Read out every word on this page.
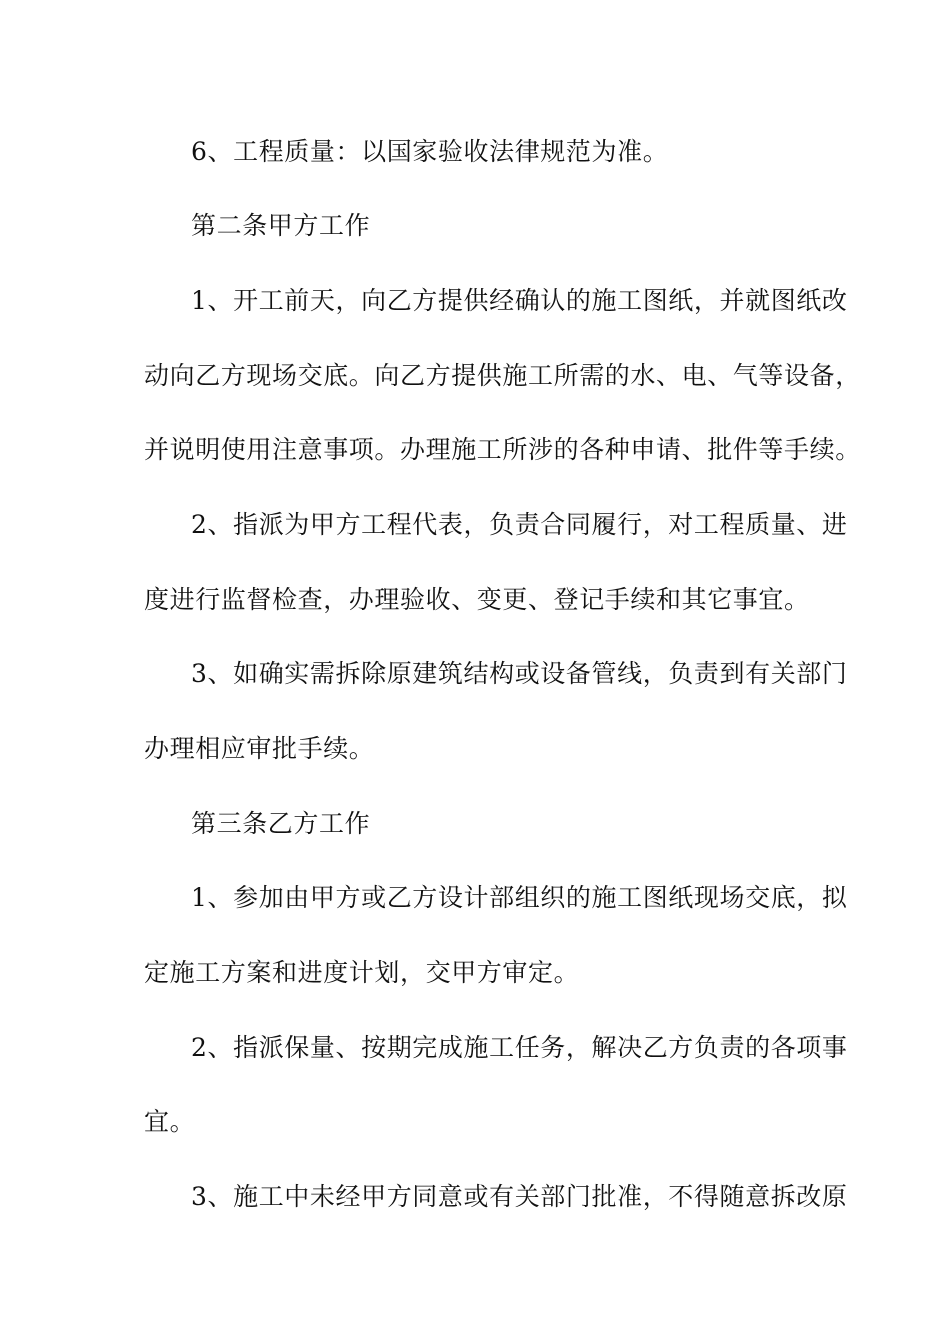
6、工程质量：以国家验收法律规范为准。
第二条甲方工作
1、开工前天，向乙方提供经确认的施工图纸，并就图纸改
动向乙方现场交底。向乙方提供施工所需的水、电、气等设备，
并说明使用注意事项。办理施工所涉的各种申请、批件等手续。
2、指派为甲方工程代表，负责合同履行，对工程质量、进
度进行监督检查，办理验收、变更、登记手续和其它事宜。
3、如确实需拆除原建筑结构或设备管线，负责到有关部门
办理相应审批手续。
第三条乙方工作
1、参加由甲方或乙方设计部组织的施工图纸现场交底，拟
定施工方案和进度计划，交甲方审定。
2、指派保量、按期完成施工任务，解决乙方负责的各项事
宜。
3、施工中未经甲方同意或有关部门批准，不得随意拆改原
